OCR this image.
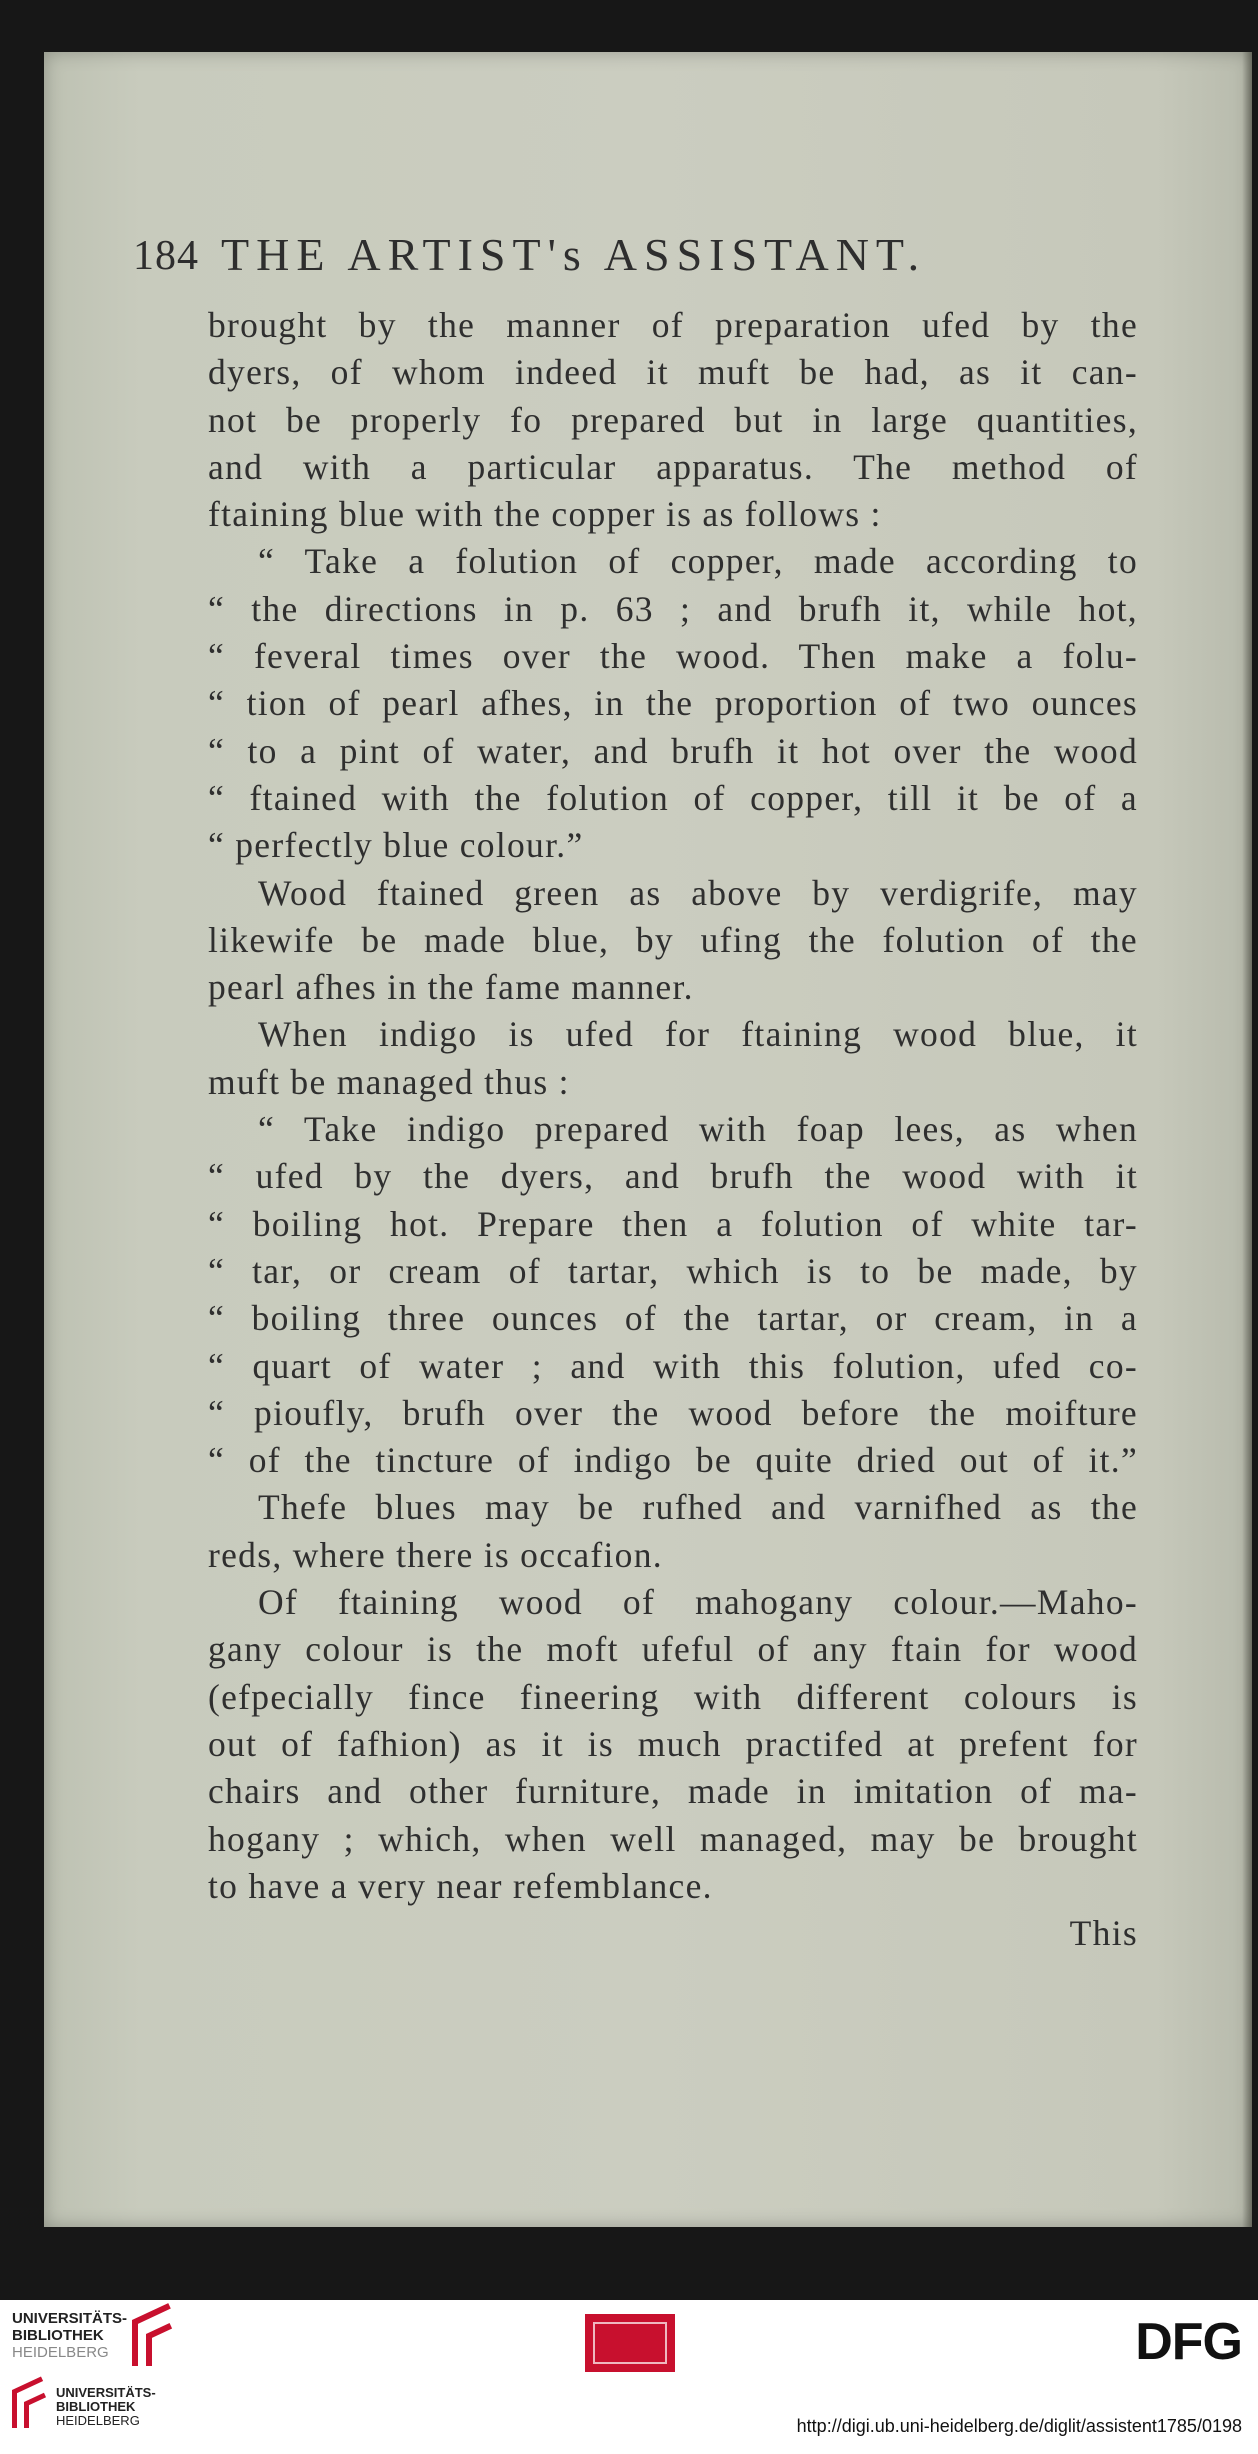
184 THE ARTIST's ASSISTANT.
brought by the manner of preparation ufed by the
dyers, of whom indeed it muft be had, as it can-
not be properly fo prepared but in large quantities,
and with a particular apparatus. The method of
ftaining blue with the copper is as follows :
“ Take a folution of copper, made according to
“ the directions in p. 63 ; and brufh it, while hot,
“ feveral times over the wood. Then make a folu-
“ tion of pearl afhes, in the proportion of two ounces
“ to a pint of water, and brufh it hot over the wood
“ ftained with the folution of copper, till it be of a
“ perfectly blue colour.”
Wood ftained green as above by verdigrife, may
likewife be made blue, by ufing the folution of the
pearl afhes in the fame manner.
When indigo is ufed for ftaining wood blue, it
muft be managed thus :
“ Take indigo prepared with foap lees, as when
“ ufed by the dyers, and brufh the wood with it
“ boiling hot. Prepare then a folution of white tar-
“ tar, or cream of tartar, which is to be made, by
“ boiling three ounces of the tartar, or cream, in a
“ quart of water ; and with this folution, ufed co-
“ pioufly, brufh over the wood before the moifture
“ of the tincture of indigo be quite dried out of it.”
Thefe blues may be rufhed and varnifhed as the
reds, where there is occafion.
Of ftaining wood of mahogany colour.—Maho-
gany colour is the moft ufeful of any ftain for wood
(efpecially fince fineering with different colours is
out of fafhion) as it is much practifed at prefent for
chairs and other furniture, made in imitation of ma-
hogany ; which, when well managed, may be brought
to have a very near refemblance.
This
UNIVERSITÄTS-
BIBLIOTHEK
HEIDELBERG
UNIVERSITÄTS-
BIBLIOTHEK
HEIDELBERG
DFG
http://digi.ub.uni-heidelberg.de/diglit/assistent1785/0198
